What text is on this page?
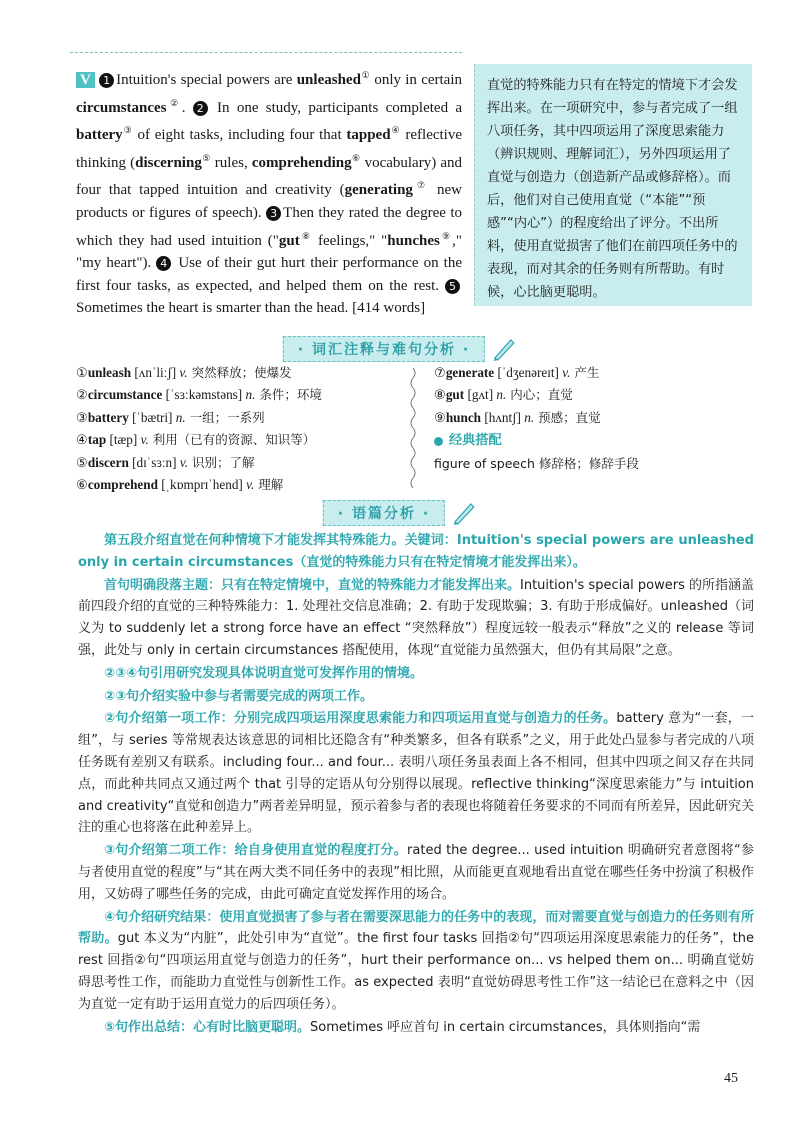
V 1 Intuition's special powers are unleashed① only in certain circumstances②. 2 In one study, participants completed a battery③ of eight tasks, including four that tapped④ reflective thinking (discerning⑤ rules, comprehending⑥ vocabulary) and four that tapped intuition and creativity (generating⑦ new products or figures of speech). 3 Then they rated the degree to which they had used intuition ("gut⑧ feelings," "hunches⑨," "my heart"). 4 Use of their gut hurt their performance on the first four tasks, as expected, and helped them on the rest. 5Sometimes the heart is smarter than the head. [414 words]
直觉的特殊能力只有在特定的情境下才会发挥出来。在一项研究中，参与者完成了一组八项任务，其中四项运用了深度思索能力（辨识规则、理解词汇），另外四项运用了直觉与创造力（创造新产品或修辞格）。而后，他们对自己使用直觉（“本能”“预感”“内心”）的程度给出了评分。不出所料，使用直觉损害了他们在前四项任务中的表现，而对其余的任务则有所帮助。有时候，心比脑更聪明。
· 词汇注释与难句分析 ·
①unleash [ʌnˈliːʃ] v. 突然释放；使爆发
②circumstance [ˈsɜːkəmstəns] n. 条件；环境
③battery [ˈbætri] n. 一组；一系列
④tap [tæp] v. 利用（已有的资源、知识等）
⑤discern [dɪˈsɜːn] v. 识别；了解
⑥comprehend [ˌkɒmprɪˈhend] v. 理解
⑦generate [ˈdʒenəreɪt] v. 产生
⑧gut [gʌt] n. 内心；直觉
⑨hunch [hʌntʃ] n. 预感；直觉
经典搭配
figure of speech 修辞格；修辞手段
· 语篇分析 ·

第五段介绍直觉在何种情境下才能发挥其特殊能力。关键词：Intuition's special powers are unleashed only in certain circumstances（直觉的特殊能力只有在特定情境才能发挥出来）。

首句明确段落主题：只有在特定情境中，直觉的特殊能力才能发挥出来。Intuition's special powers 的所指涵盖前四段介绍的直觉的三种特殊能力：1. 处理社交信息准确；2. 有助于发现欺骗；3. 有助于形成偏好。unleashed（词义为 to suddenly let a strong force have an effect “突然释放”）程度远较一般表示“释放”之义的 release 等词强，此处与 only in certain circumstances 搭配使用，体现“直觉能力虽然强大，但仍有其局限”之意。

②③④句引用研究发现具体说明直觉可发挥作用的情境。

②③句介绍实验中参与者需要完成的两项工作。

②句介绍第一项工作：分别完成四项运用深度思索能力和四项运用直觉与创造力的任务。battery 意为“一套，一组”，与 series 等常规表达该意思的词相比还隐含有“种类繁多，但各有联系”之义，用于此处凸显参与者完成的八项任务既有差别又有联系。including four... and four... 表明八项任务虽表面上各不相同，但其中四项之间又存在共同点，而此种共同点又通过两个 that 引导的定语从句分别得以展现。reflective thinking“深度思索能力”与 intuition and creativity“直觉和创造力”两者差异明显，预示着参与者的表现也将随着任务要求的不同而有所差异，因此研究关注的重心也将落在此种差异上。

③句介绍第二项工作：给自身使用直觉的程度打分。rated the degree... used intuition 明确研究者意图将“参与者使用直觉的程度”与“其在两大类不同任务中的表现”相比照，从而能更直观地看出直觉在哪些任务中扮演了积极作用，又妨碍了哪些任务的完成，由此可确定直觉发挥作用的场合。

④句介绍研究结果：使用直觉损害了参与者在需要深思能力的任务中的表现，而对需要直觉与创造力的任务则有所帮助。gut 本义为“内脏”，此处引申为“直觉”。the first four tasks 回指②句“四项运用深度思索能力的任务”，the rest 回指②句“四项运用直觉与创造力的任务”，hurt their performance on... vs helped them on... 明确直觉妨碍思考性工作，而能助力直觉性与创新性工作。as expected 表明“直觉妨碍思考性工作”这一结论已在意料之中（因为直觉一定有助于运用直觉力的后四项任务）。

⑤句作出总结：心有时比脑更聪明。Sometimes 呼应首句 in certain circumstances，具体则指向“需

45
